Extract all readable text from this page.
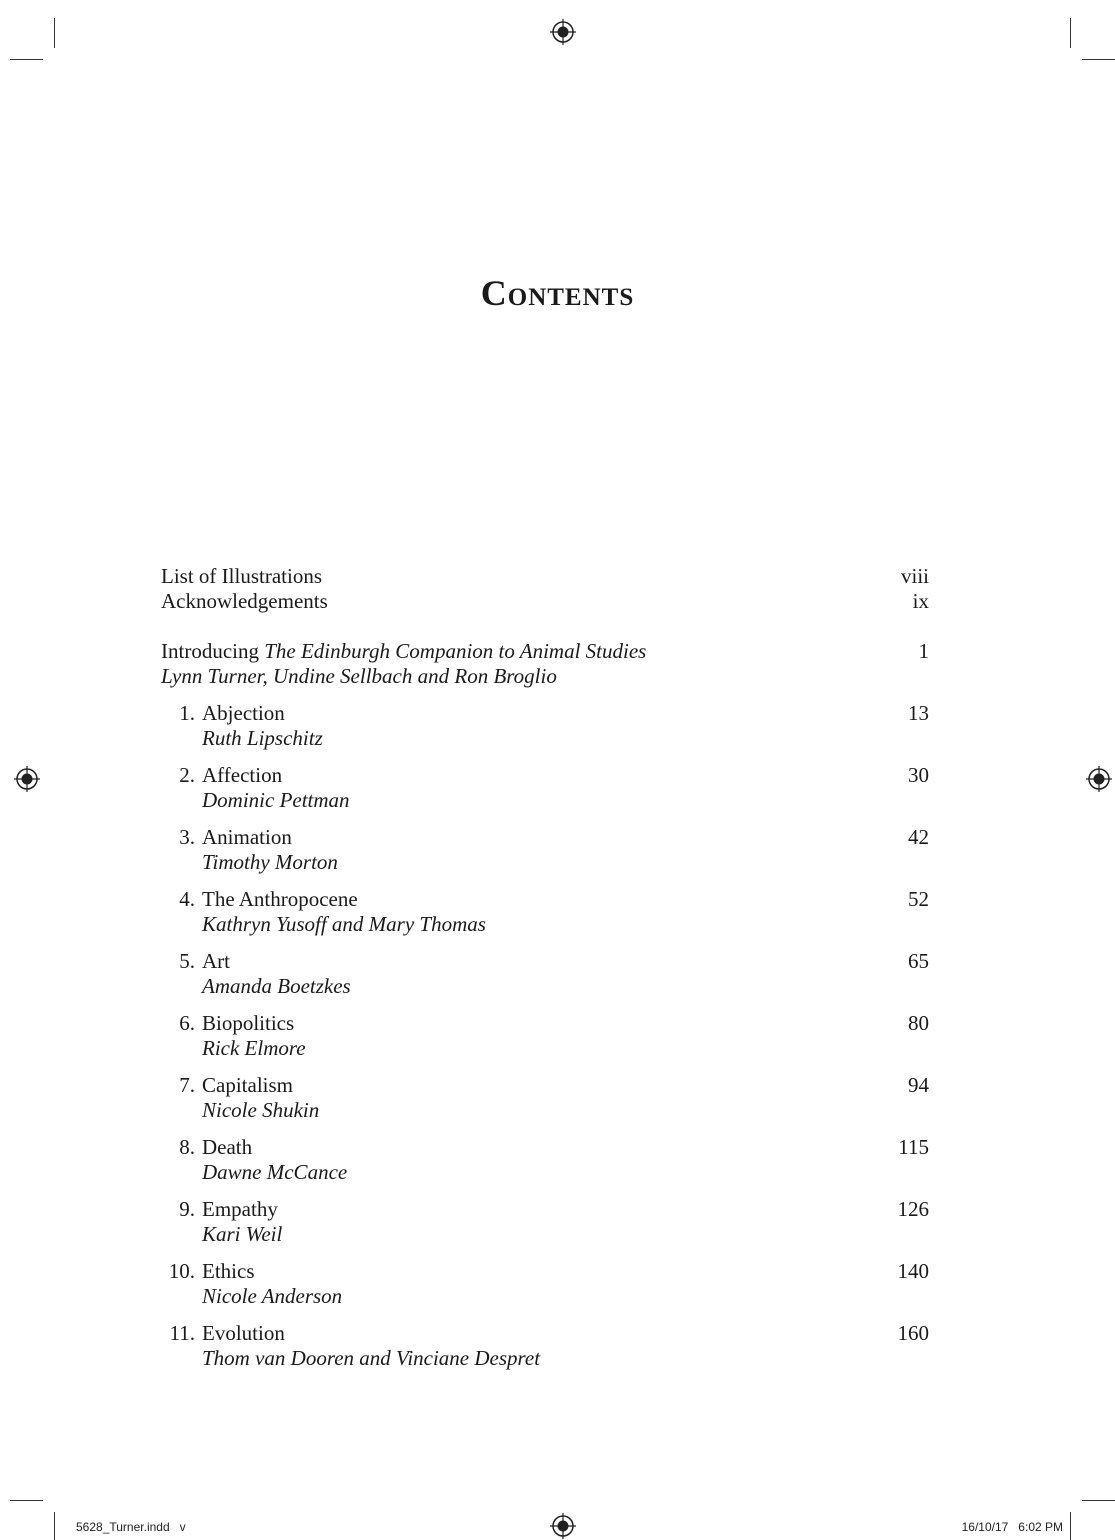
Contents
List of Illustrations	viii
Acknowledgements	ix
Introducing The Edinburgh Companion to Animal Studies	1
Lynn Turner, Undine Sellbach and Ron Broglio
1. Abjection	13
Ruth Lipschitz
2. Affection	30
Dominic Pettman
3. Animation	42
Timothy Morton
4. The Anthropocene	52
Kathryn Yusoff and Mary Thomas
5. Art	65
Amanda Boetzkes
6. Biopolitics	80
Rick Elmore
7. Capitalism	94
Nicole Shukin
8. Death	115
Dawne McCance
9. Empathy	126
Kari Weil
10. Ethics	140
Nicole Anderson
11. Evolution	160
Thom van Dooren and Vinciane Despret
5628_Turner.indd   v	16/10/17   6:02 PM
